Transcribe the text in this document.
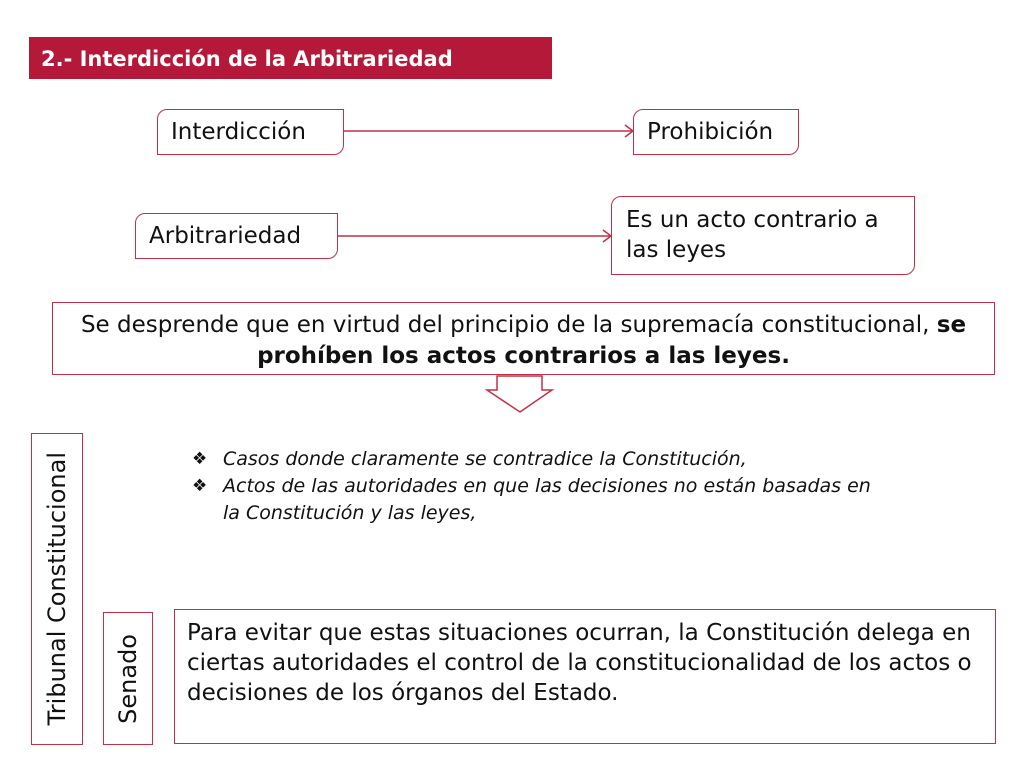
2.- Interdicción de la Arbitrariedad
Interdicción	Prohibición
Arbitrariedad
Es un acto contrario a las leyes
Se desprende que en virtud del principio de la supremacía constitucional, se prohíben los actos contrarios a las leyes.
❖ Casos donde claramente se contradice la Constitución,
❖ Actos de las autoridades en que las decisiones no están basadas en la Constitución y las leyes,
Tribunal Constitucional Senado
Para evitar que estas situaciones ocurran, la Constitución delega en ciertas autoridades el control de la constitucionalidad de los actos o decisiones de los órganos del Estado.
